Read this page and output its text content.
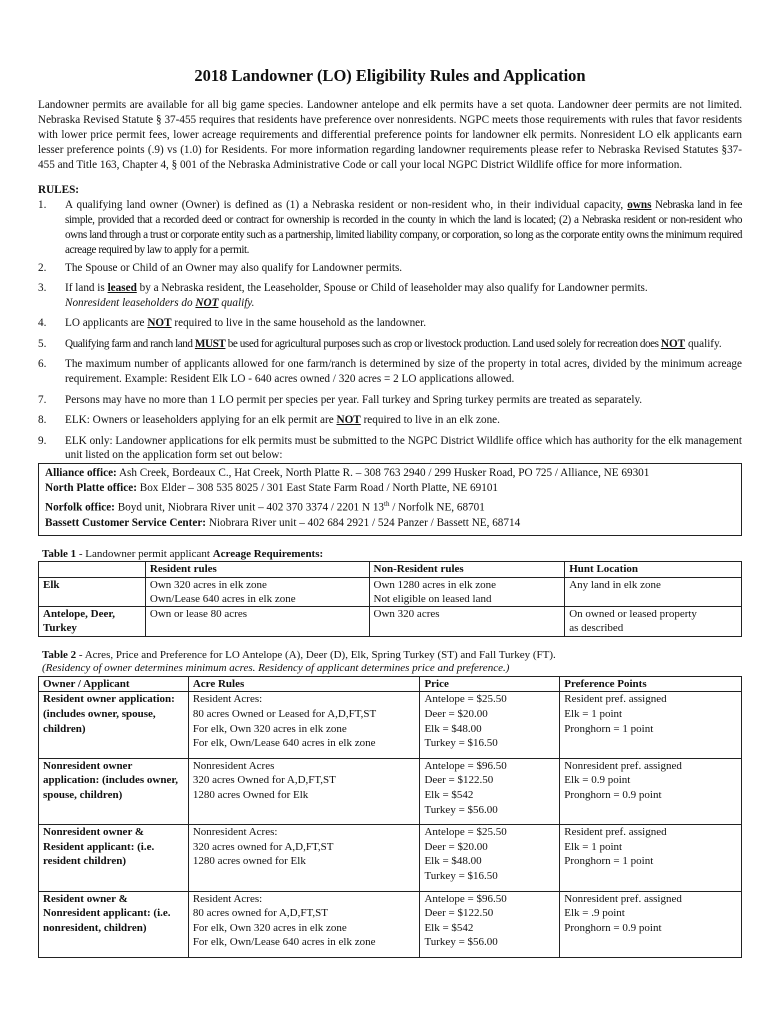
2018 Landowner (LO) Eligibility Rules and Application

Landowner permits are available for all big game species. Landowner antelope and elk permits have a set quota. Landowner deer permits are not limited. Nebraska Revised Statute § 37-455 requires that residents have preference over nonresidents. NGPC meets those requirements with rules that favor residents with lower price permit fees, lower acreage requirements and differential preference points for landowner elk permits. Nonresident LO elk applicants earn lesser preference points (.9) vs (1.0) for Residents. For more information regarding landowner requirements please refer to Nebraska Revised Statutes §37-455 and Title 163, Chapter 4, § 001 of the Nebraska Administrative Code or call your local NGPC District Wildlife office for more information.

RULES:
1. A qualifying land owner (Owner) is defined as (1) a Nebraska resident or non-resident who, in their individual capacity, owns Nebraska land in fee simple, provided that a recorded deed or contract for ownership is recorded in the county in which the land is located; (2) a Nebraska resident or non-resident who owns land through a trust or corporate entity such as a partnership, limited liability company, or corporation, so long as the corporate entity owns the minimum required acreage required by law to apply for a permit.
2. The Spouse or Child of an Owner may also qualify for Landowner permits.
3. If land is leased by a Nebraska resident, the Leaseholder, Spouse or Child of leaseholder may also qualify for Landowner permits.
Nonresident leaseholders do NOT qualify.
4. LO applicants are NOT required to live in the same household as the landowner.
5. Qualifying farm and ranch land MUST be used for agricultural purposes such as crop or livestock production. Land used solely for recreation does NOT qualify.
6. The maximum number of applicants allowed for one farm/ranch is determined by size of the property in total acres, divided by the minimum acreage requirement. Example: Resident Elk LO - 640 acres owned / 320 acres = 2 LO applications allowed.
7. Persons may have no more than 1 LO permit per species per year. Fall turkey and Spring turkey permits are treated as separately.
8. ELK: Owners or leaseholders applying for an elk permit are NOT required to live in an elk zone.
9. ELK only: Landowner applications for elk permits must be submitted to the NGPC District Wildlife office which has authority for the elk management unit listed on the application form set out below:
Alliance office: Ash Creek, Bordeaux C., Hat Creek, North Platte R. – 308 763 2940 / 299 Husker Road, PO 725 / Alliance, NE 69301
North Platte office: Box Elder – 308 535 8025 / 301 East State Farm Road / North Platte, NE 69101
Norfolk office: Boyd unit, Niobrara River unit – 402 370 3374 / 2201 N 13th / Norfolk NE, 68701
Bassett Customer Service Center: Niobrara River unit – 402 684 2921 / 524 Panzer / Bassett NE, 68714
Table 1 - Landowner permit applicant Acreage Requirements:
	Resident rules	Non-Resident rules	Hunt Location
Elk	Own 320 acres in elk zone
Own/Lease 640 acres in elk zone	Own 1280 acres in elk zone
Not eligible on leased land	Any land in elk zone

Antelope, Deer, Turkey	Own or lease 80 acres	Own 320 acres	On owned or leased property
as described
Table 2 - Acres, Price and Preference for LO Antelope (A), Deer (D), Elk, Spring Turkey (ST) and Fall Turkey (FT).
(Residency of owner determines minimum acres. Residency of applicant determines price and preference.)
Owner / Applicant	Acre Rules	Price	Preference Points
Resident owner application: (includes owner, spouse, children)	Resident Acres:
80 acres Owned or Leased for A,D,FT,ST
For elk, Own 320 acres in elk zone
For elk, Own/Lease 640 acres in elk zone	Antelope = $25.50
Deer = $20.00
Elk = $48.00
Turkey = $16.50	Resident pref. assigned
Elk = 1 point
Pronghorn = 1 point

Nonresident owner application: (includes owner, spouse, children)	Nonresident Acres
320 acres Owned for A,D,FT,ST
1280 acres Owned for Elk	Antelope = $96.50
Deer = $122.50
Elk = $542
Turkey = $56.00	Nonresident pref. assigned
Elk = 0.9 point
Pronghorn = 0.9 point

Nonresident owner & Resident applicant: (i.e. resident children)	Nonresident Acres:
320 acres owned for A,D,FT,ST
1280 acres owned for Elk	Antelope = $25.50
Deer = $20.00
Elk = $48.00
Turkey = $16.50	Resident pref. assigned
Elk = 1 point
Pronghorn = 1 point

Resident owner & Nonresident applicant: (i.e. nonresident, children)	Resident Acres:
80 acres owned for A,D,FT,ST
For elk, Own 320 acres in elk zone
For elk, Own/Lease 640 acres in elk zone	Antelope = $96.50
Deer = $122.50
Elk = $542
Turkey = $56.00	Nonresident pref. assigned
Elk = .9 point
Pronghorn = 0.9 point
